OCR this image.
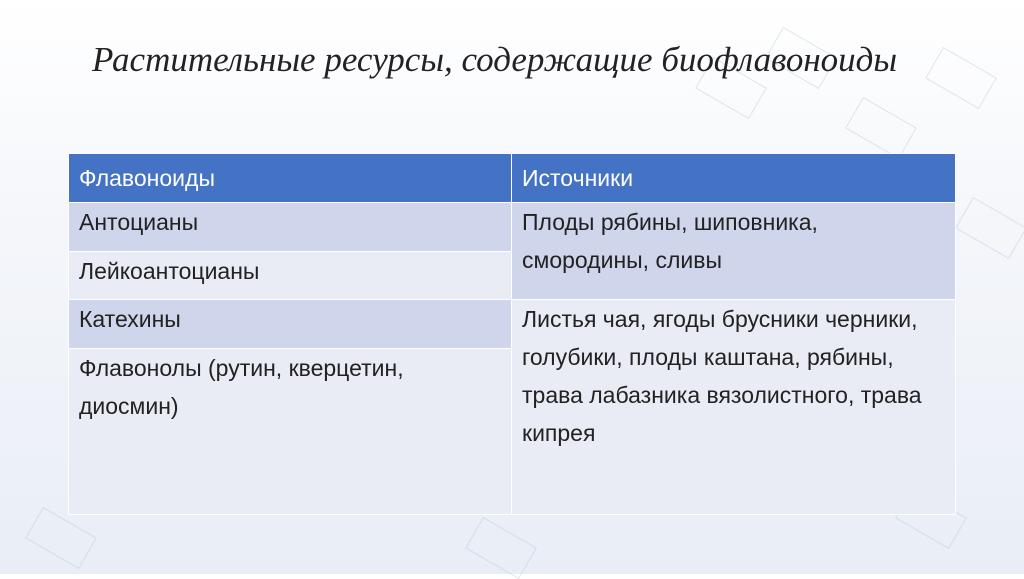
Растительные ресурсы, содержащие биофлавоноиды
Флавоноиды	Источники
Антоцианы	Плоды рябины, шиповника, смородины, сливы
Лейкоантоцианы	
Катехины	Листья чая, ягоды брусники черники, голубики, плоды каштана, рябины, трава лабазника вязолистного, трава кипрея
Флавонолы (рутин, кверцетин, диосмин)	
